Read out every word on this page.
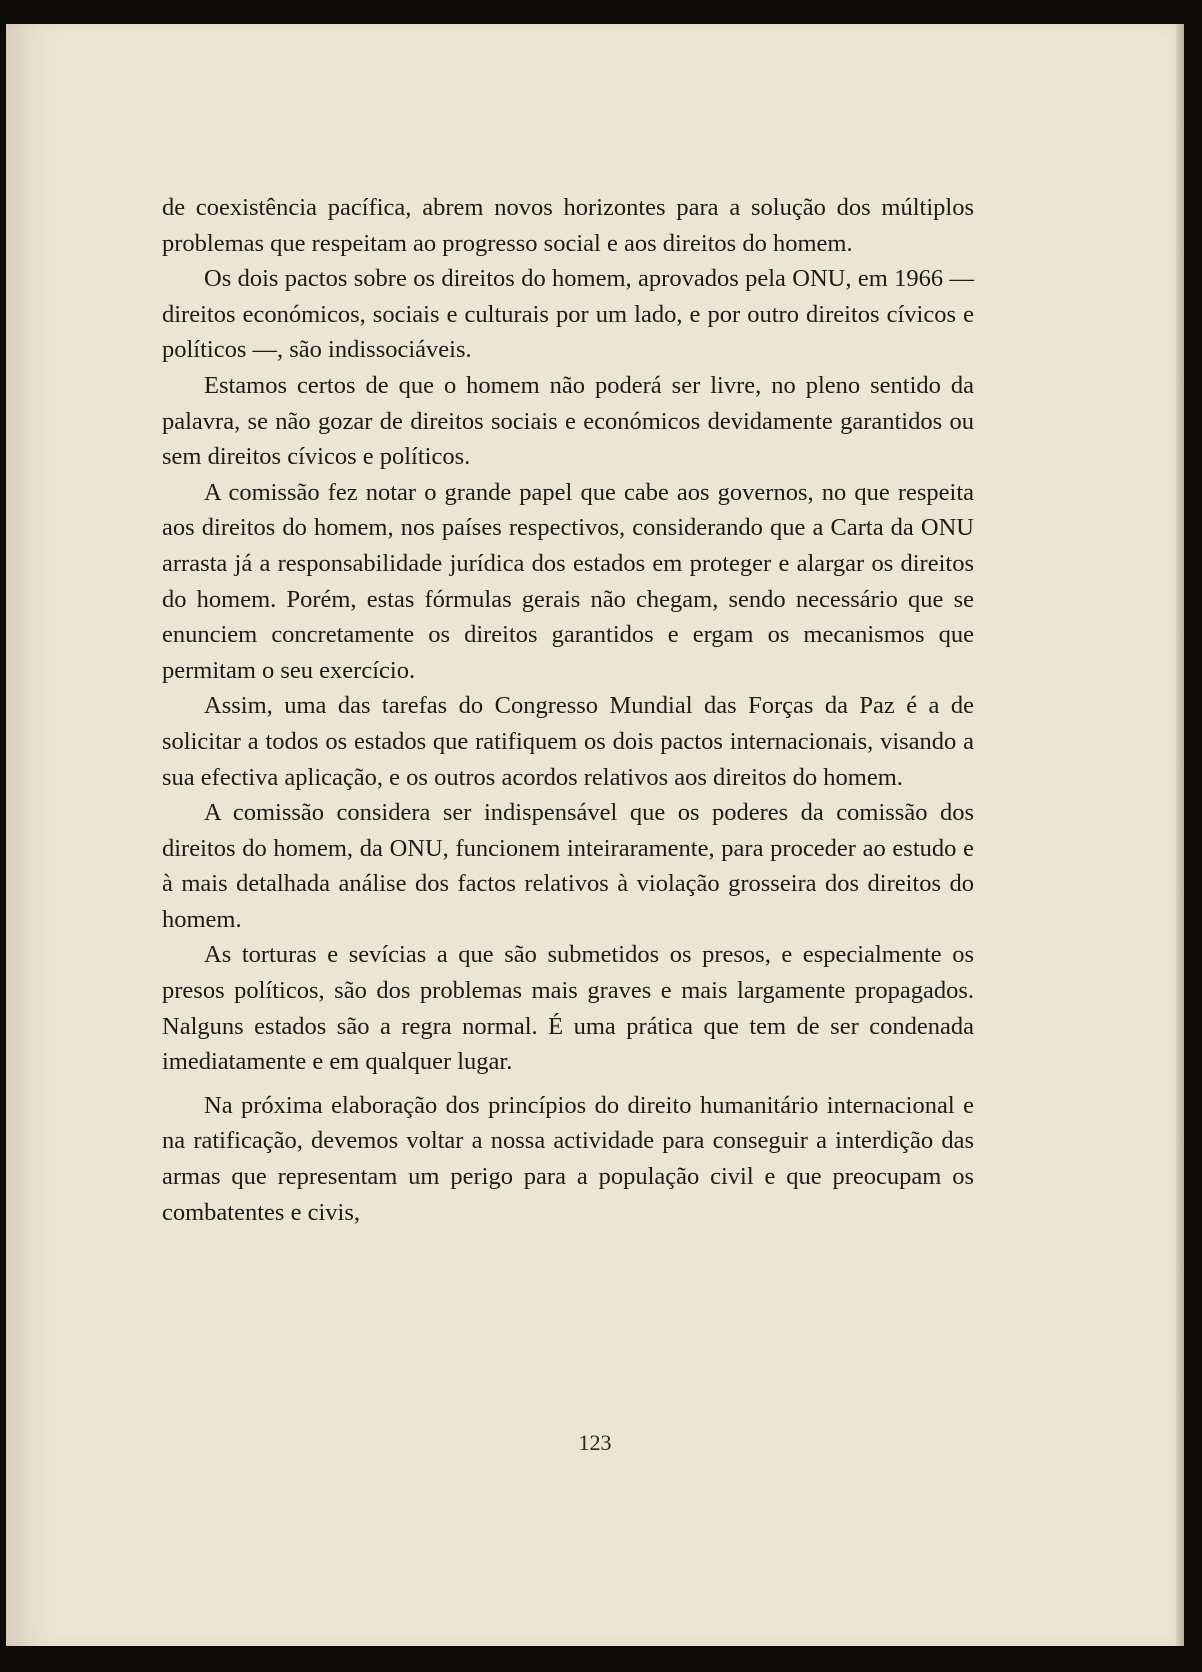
de coexistência pacífica, abrem novos horizontes para a solução dos múltiplos problemas que respeitam ao progresso social e aos direitos do homem.

Os dois pactos sobre os direitos do homem, aprovados pela ONU, em 1966 — direitos económicos, sociais e culturais por um lado, e por outro direitos cívicos e políticos —, são indissociáveis.

Estamos certos de que o homem não poderá ser livre, no pleno sentido da palavra, se não gozar de direitos sociais e económicos devidamente garantidos ou sem direitos cívicos e políticos.

A comissão fez notar o grande papel que cabe aos governos, no que respeita aos direitos do homem, nos países respectivos, considerando que a Carta da ONU arrasta já a responsabilidade jurídica dos estados em proteger e alargar os direitos do homem. Porém, estas fórmulas gerais não chegam, sendo necessário que se enunciem concretamente os direitos garantidos e ergam os mecanismos que permitam o seu exercício.

Assim, uma das tarefas do Congresso Mundial das Forças da Paz é a de solicitar a todos os estados que ratifiquem os dois pactos internacionais, visando a sua efectiva aplicação, e os outros acordos relativos aos direitos do homem.

A comissão considera ser indispensável que os poderes da comissão dos direitos do homem, da ONU, funcionem inteiraramente, para proceder ao estudo e à mais detalhada análise dos factos relativos à violação grosseira dos direitos do homem.

As torturas e sevícias a que são submetidos os presos, e especialmente os presos políticos, são dos problemas mais graves e mais largamente propagados. Nalguns estados são a regra normal. É uma prática que tem de ser condenada imediatamente e em qualquer lugar.

Na próxima elaboração dos princípios do direito humanitário internacional e na ratificação, devemos voltar a nossa actividade para conseguir a interdição das armas que representam um perigo para a população civil e que preocupam os combatentes e civis,

123
